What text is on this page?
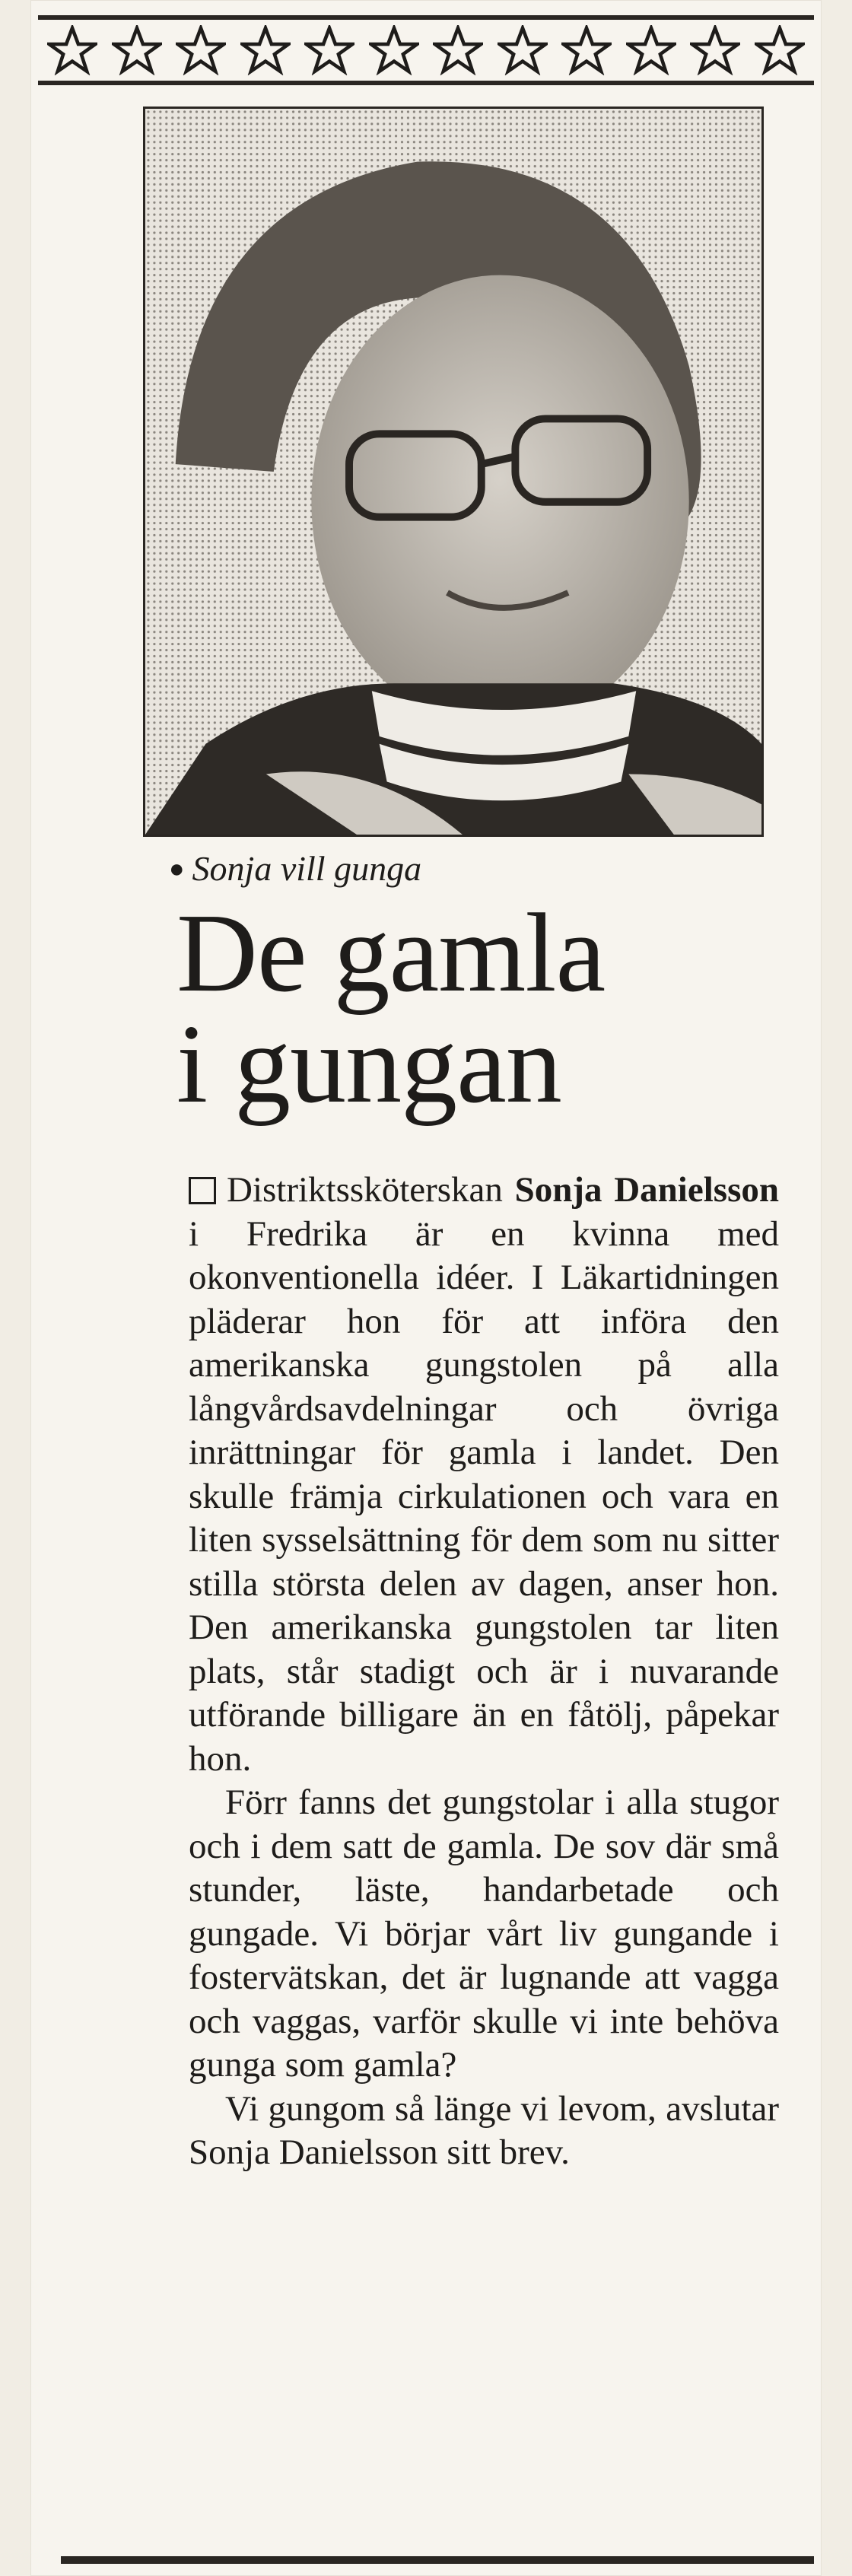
● Sonja vill gunga
De gamla
i gungan

Distriktssköterskan Sonja Danielsson i Fredrika är en kvinna med okonventionella idéer. I Läkartidningen pläderar hon för att införa den amerikanska gungstolen på alla långvårdsavdelningar och övriga inrättningar för gamla i landet. Den skulle främja cirkulationen och vara en liten sysselsättning för dem som nu sitter stilla största delen av dagen, anser hon. Den amerikanska gungstolen tar liten plats, står stadigt och är i nuvarande utförande billigare än en fåtölj, påpekar hon.

Förr fanns det gungstolar i alla stugor och i dem satt de gamla. De sov där små stunder, läste, handarbetade och gungade. Vi börjar vårt liv gungande i fostervätskan, det är lugnande att vagga och vaggas, varför skulle vi inte behöva gunga som gamla?

Vi gungom så länge vi levom, avslutar Sonja Danielsson sitt brev.
